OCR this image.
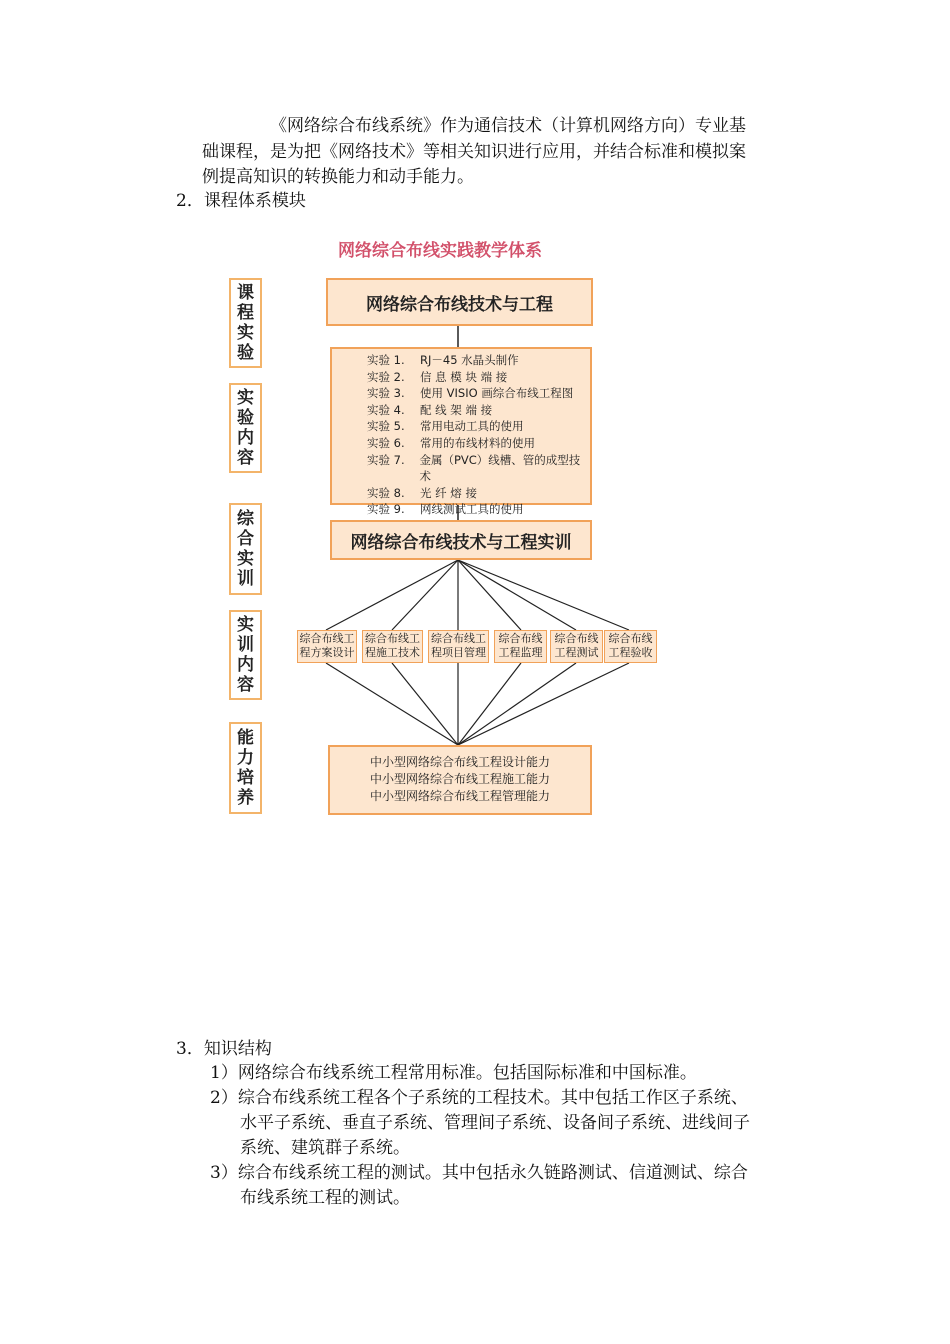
《网络综合布线系统》作为通信技术（计算机网络方向）专业基
础课程，是为把《网络技术》等相关知识进行应用，并结合标准和模拟案
例提高知识的转换能力和动手能力。
2．课程体系模块
网络综合布线实践教学体系
课
程
实
验
实
验
内
容
综
合
实
训
实
训
内
容
能
力
培
养
网络综合布线技术与工程
实验 1.	RJ－45 水晶头制作
实验 2.	信 息 模 块 端 接
实验 3.	使用 VISIO 画综合布线工程图
实验 4.	配 线 架 端 接
实验 5.	常用电动工具的使用
实验 6.	常用的布线材料的使用
实验 7.	金属（PVC）线槽、管的成型技术
实验 8.	光 纤 熔 接
实验 9.	网线测试工具的使用
网络综合布线技术与工程实训
综合布线工
程方案设计
综合布线工
程施工技术
综合布线工
程项目管理
综合布线
工程监理
综合布线
工程测试
综合布线
工程验收
中小型网络综合布线工程设计能力
中小型网络综合布线工程施工能力
中小型网络综合布线工程管理能力
3．知识结构
1）网络综合布线系统工程常用标准。包括国际标准和中国标准。
2）综合布线系统工程各个子系统的工程技术。其中包括工作区子系统、
水平子系统、垂直子系统、管理间子系统、设备间子系统、进线间子
系统、建筑群子系统。
3）综合布线系统工程的测试。其中包括永久链路测试、信道测试、综合
布线系统工程的测试。
